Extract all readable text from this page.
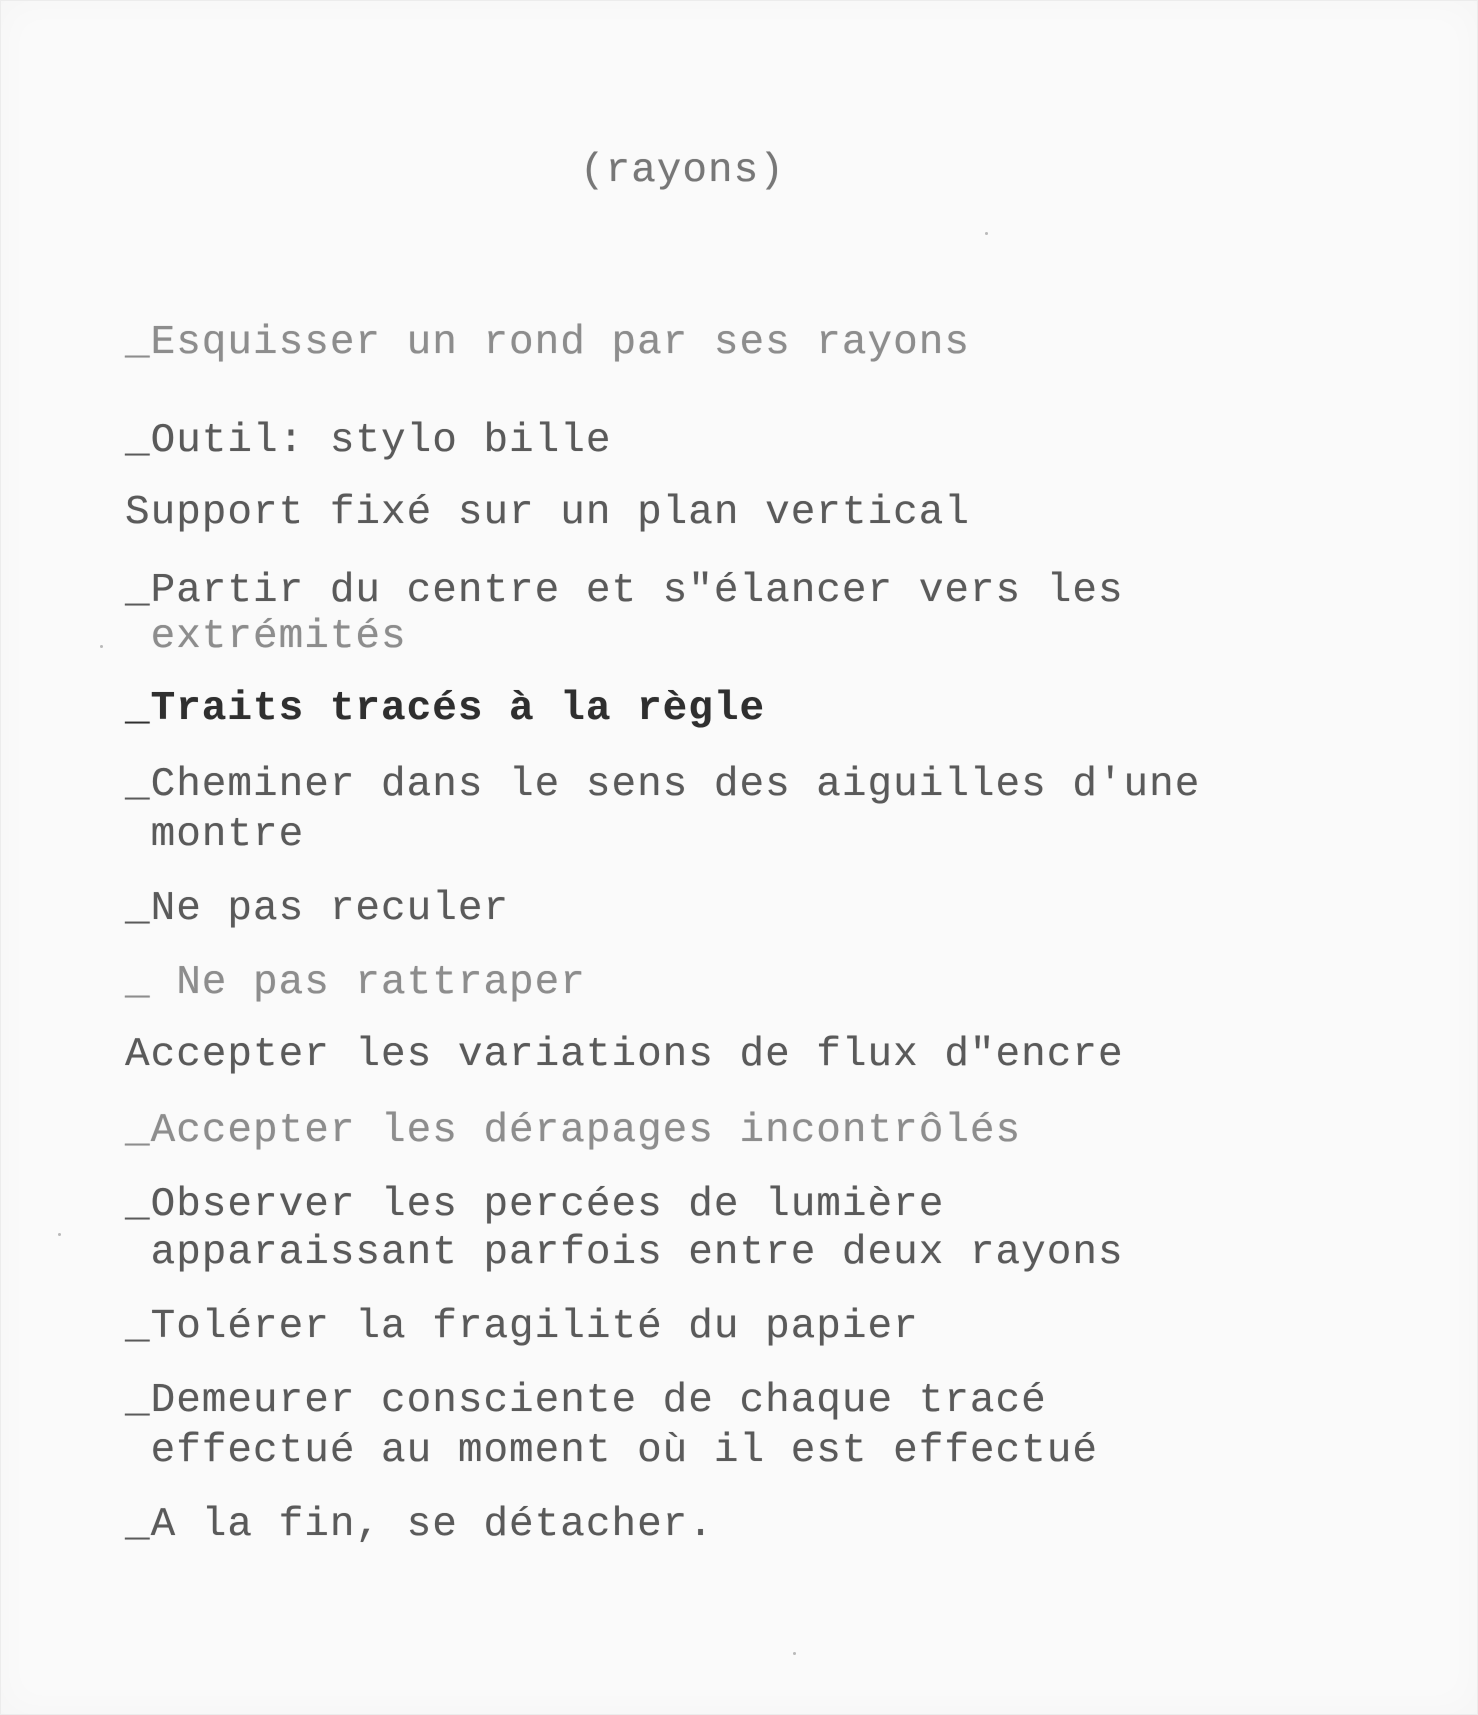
(rayons)

_Esquisser un rond par ses rayons

_Outil: stylo bille

Support fixé sur un plan vertical

_Partir du centre et s"élancer vers les

extrémités

_Traits tracés à la règle

_Cheminer dans le sens des aiguilles d'une

montre

_Ne pas reculer

_ Ne pas rattraper

Accepter les variations de flux d"encre

_Accepter les dérapages incontrôlés

_Observer les percées de lumière

apparaissant parfois entre deux rayons

_Tolérer la fragilité du papier

_Demeurer consciente de chaque tracé

effectué au moment où il est effectué

_A la fin, se détacher.
